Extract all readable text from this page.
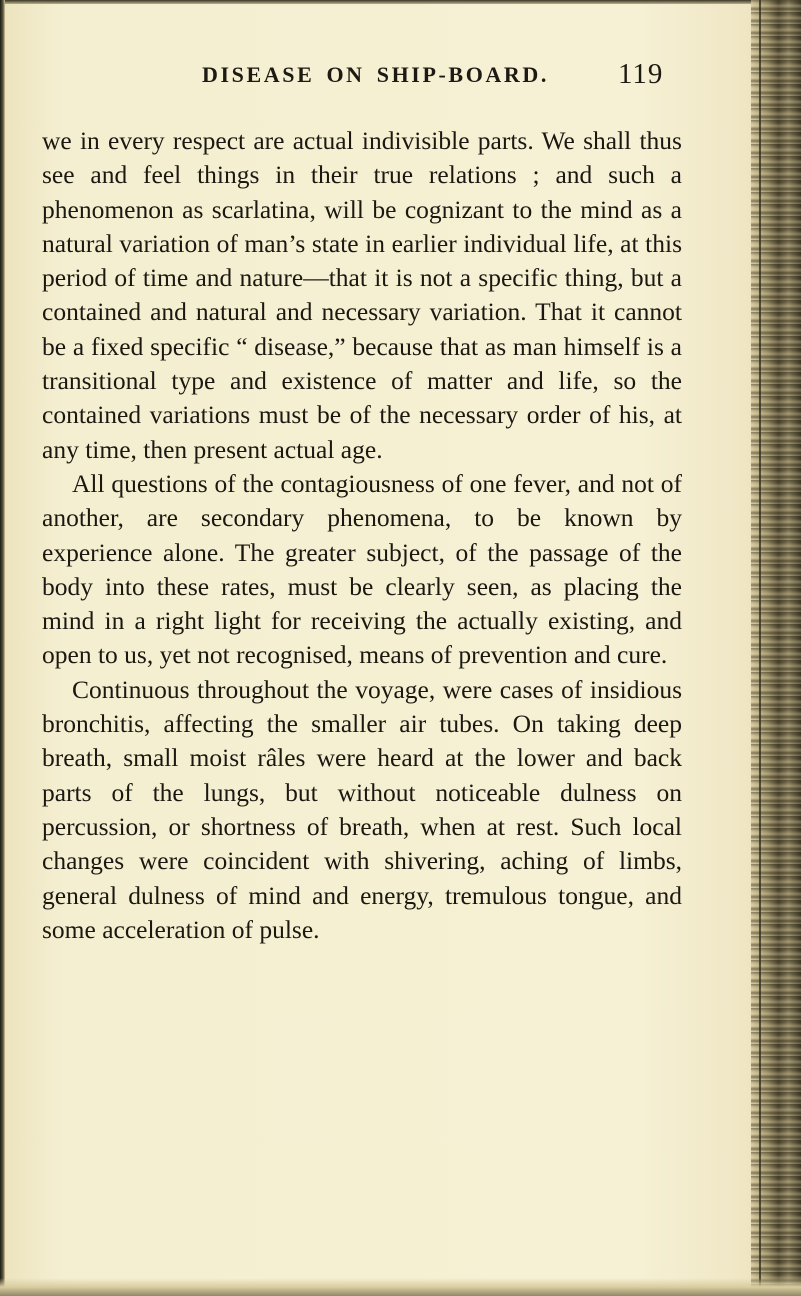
DISEASE ON SHIP-BOARD. 119

we in every respect are actual indivisible parts. We shall thus see and feel things in their true relations ; and such a phenomenon as scarlatina, will be cognizant to the mind as a natural variation of man’s state in earlier individual life, at this period of time and nature—that it is not a specific thing, but a contained and natural and necessary variation. That it cannot be a fixed specific “ disease,” because that as man himself is a transitional type and existence of matter and life, so the contained variations must be of the necessary order of his, at any time, then present actual age.

All questions of the contagiousness of one fever, and not of another, are secondary phenomena, to be known by experience alone. The greater subject, of the passage of the body into these rates, must be clearly seen, as placing the mind in a right light for receiving the actually existing, and open to us, yet not recognised, means of prevention and cure.

Continuous throughout the voyage, were cases of insidious bronchitis, affecting the smaller air tubes. On taking deep breath, small moist râles were heard at the lower and back parts of the lungs, but without noticeable dulness on percussion, or shortness of breath, when at rest. Such local changes were coincident with shivering, aching of limbs, general dulness of mind and energy, tremulous tongue, and some acceleration of pulse.
